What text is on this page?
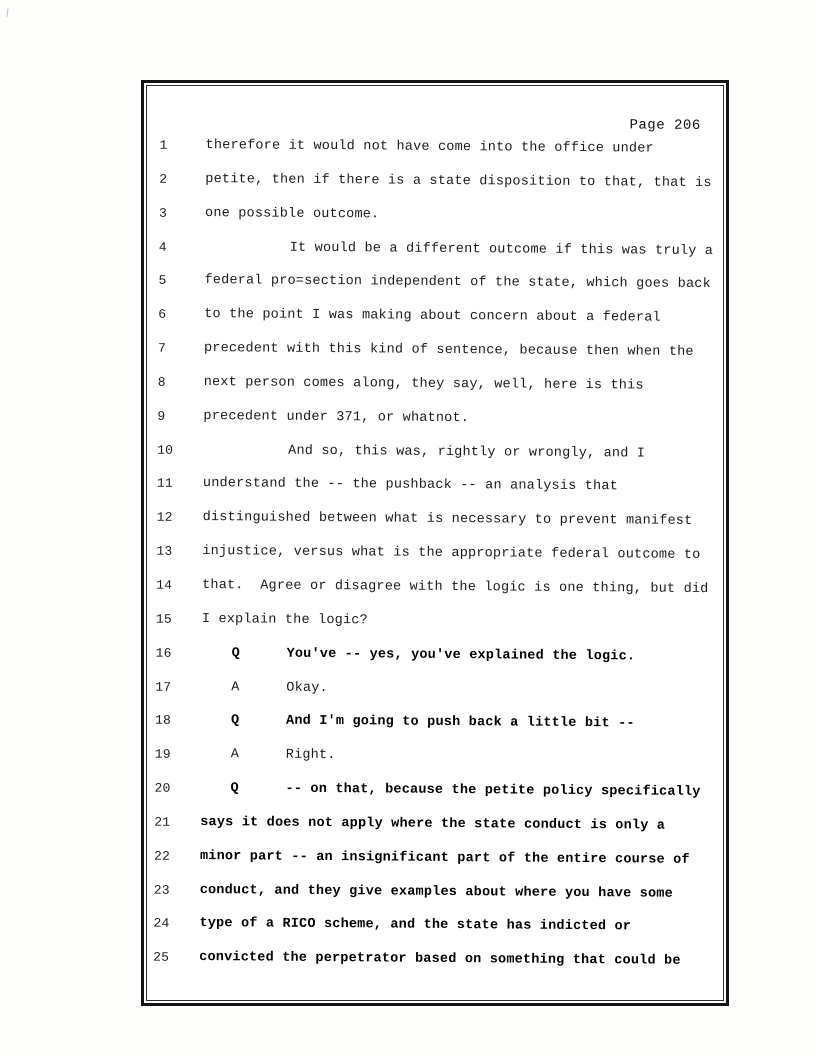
Page 206
1	therefore it would not have come into the office under
2	petite, then if there is a state disposition to that, that is
3	one possible outcome.
4	It would be a different outcome if this was truly a
5	federal pro=section independent of the state, which goes back
6	to the point I was making about concern about a federal
7	precedent with this kind of sentence, because then when the
8	next person comes along, they say, well, here is this
9	precedent under 371, or whatnot.
10	And so, this was, rightly or wrongly, and I
11	understand the -- the pushback -- an analysis that
12	distinguished between what is necessary to prevent manifest
13	injustice, versus what is the appropriate federal outcome to
14	that.  Agree or disagree with the logic is one thing, but did
15	I explain the logic?
16	Q	You've -- yes, you've explained the logic.
17	A	Okay.
18	Q	And I'm going to push back a little bit --
19	A	Right.
20	Q	-- on that, because the petite policy specifically
21	says it does not apply where the state conduct is only a
22	minor part -- an insignificant part of the entire course of
23	conduct, and they give examples about where you have some
24	type of a RICO scheme, and the state has indicted or
25	convicted the perpetrator based on something that could be
